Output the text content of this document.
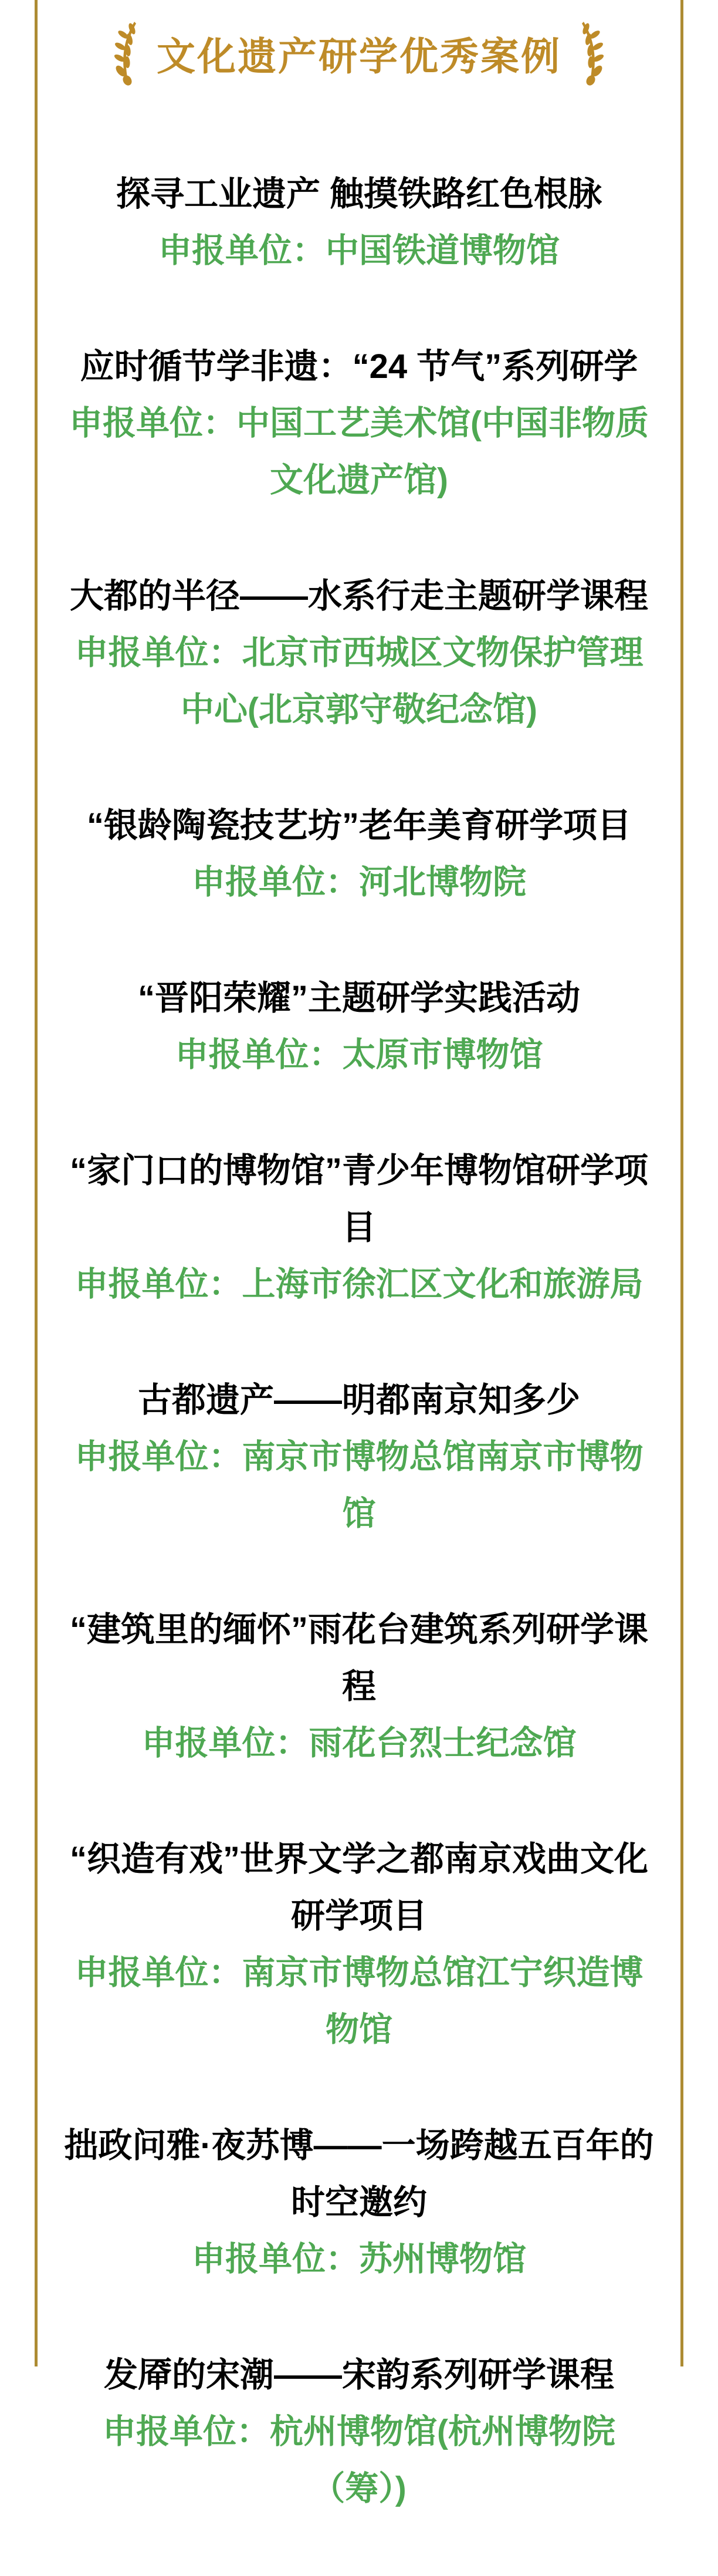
文化遗产研学优秀案例
探寻工业遗产 触摸铁路红色根脉
申报单位：中国铁道博物馆
应时循节学非遗：“24 节气”系列研学
申报单位：中国工艺美术馆(中国非物质文化遗产馆)
大都的半径——水系行走主题研学课程
申报单位：北京市西城区文物保护管理中心(北京郭守敬纪念馆)
“银龄陶瓷技艺坊”老年美育研学项目
申报单位：河北博物院
“晋阳荣耀”主题研学实践活动
申报单位：太原市博物馆
“家门口的博物馆”青少年博物馆研学项目
申报单位：上海市徐汇区文化和旅游局
古都遗产——明都南京知多少
申报单位：南京市博物总馆南京市博物馆
“建筑里的缅怀”雨花台建筑系列研学课程
申报单位：雨花台烈士纪念馆
“织造有戏”世界文学之都南京戏曲文化研学项目
申报单位：南京市博物总馆江宁织造博物馆
拙政问雅·夜苏博——一场跨越五百年的时空邀约
申报单位：苏州博物馆
发厣的宋潮——宋韵系列研学课程
申报单位：杭州博物馆(杭州博物院（筹）)
